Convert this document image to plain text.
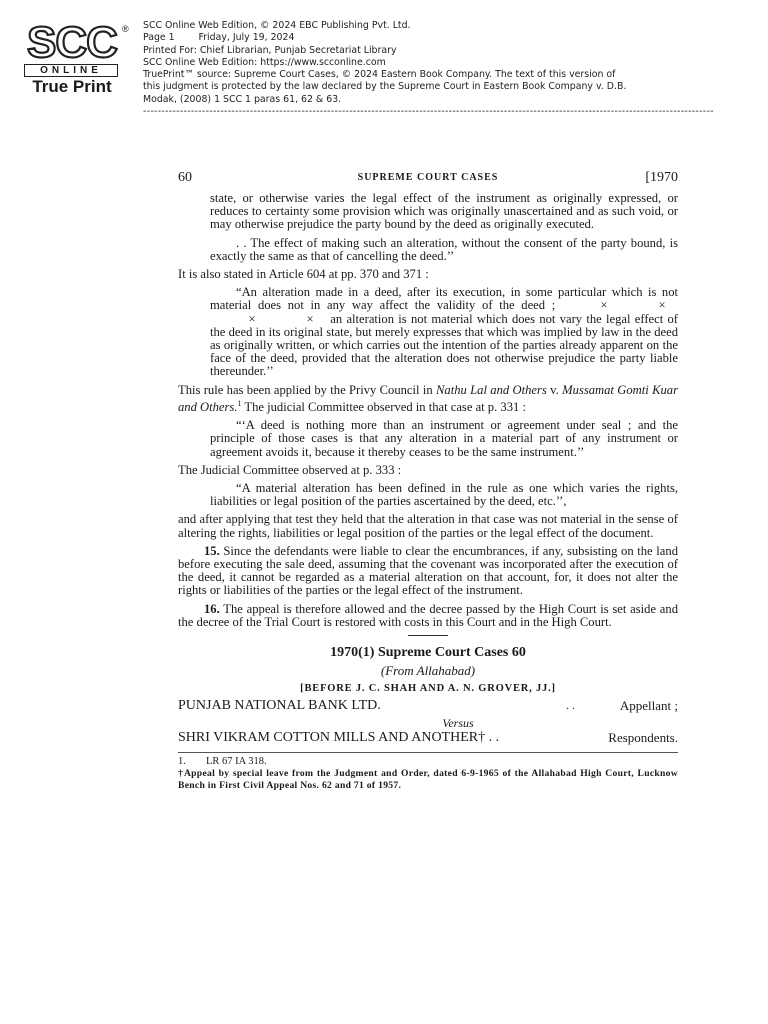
SCC ®
ONLINE
True Print
SCC Online Web Edition, © 2024 EBC Publishing Pvt. Ltd.
Page 1        Friday, July 19, 2024
Printed For: Chief Librarian, Punjab Secretariat Library
SCC Online Web Edition: https://www.scconline.com
TruePrint™ source: Supreme Court Cases, © 2024 Eastern Book Company. The text of this version of
this judgment is protected by the law declared by the Supreme Court in Eastern Book Company v. D.B.
Modak, (2008) 1 SCC 1 paras 61, 62 & 63.
-----------------------------------------------------------------------------------------------------------------------------------------------------------
60	SUPREME COURT CASES	[1970

state, or otherwise varies the legal effect of the instrument as originally expressed, or reduces to certainty some provision which was originally unascertained and as such void, or may otherwise prejudice the party bound by the deed as originally executed.

. . The effect of making such an alteration, without the consent of the party bound, is exactly the same as that of cancelling the deed.’’

It is also stated in Article 604 at pp. 370 and 371 :

“An alteration made in a deed, after its execution, in some particular which is not material does not in any way affect the validity of the deed ;	×	××	× an alteration is not material which does not vary the legal effect of the deed in its original state, but merely expresses that which was implied by law in the deed as originally written, or which carries out the intention of the parties already apparent on the face of the deed, provided that the alteration does not otherwise prejudice the party liable thereunder.’’

This rule has been applied by the Privy Council in Nathu Lal and Others v. Mussamat Gomti Kuar and Others.$^1$ The judicial Committee observed in that case at p. 331 :

“‘A deed is nothing more than an instrument or agreement under seal ; and the principle of those cases is that any alteration in a material part of any instrument or agreement avoids it, because it thereby ceases to be the same instrument.’’

The Judicial Committee observed at p. 333 :

“A material alteration has been defined in the rule as one which varies the rights, liabilities or legal position of the parties ascertained by the deed, etc.’’,

and after applying that test they held that the alteration in that case was not material in the sense of altering the rights, liabilities or legal position of the parties or the legal effect of the document.

15. Since the defendants were liable to clear the encumbrances, if any, subsisting on the land before executing the sale deed, assuming that the covenant was incorporated after the execution of the deed, it cannot be regarded as a material alteration on that account, for, it does not alter the rights or liabilities of the parties or the legal effect of the instrument.

16. The appeal is therefore allowed and the decree passed by the High Court is set aside and the decree of the Trial Court is restored with costs in this Court and in the High Court.

1970(1) Supreme Court Cases 60
(From Allahabad)
[BEFORE J. C. SHAH AND A. N. GROVER, JJ.]
PUNJAB NATIONAL BANK LTD.	. .	Appellant ;
Versus
SHRI VIKRAM COTTON MILLS AND ANOTHER† . .	Respondents.
1. LR 67 IA 318.

†Appeal by special leave from the Judgment and Order, dated 6-9-1965 of the Allahabad High Court, Lucknow Bench in First Civil Appeal Nos. 62 and 71 of 1957.
